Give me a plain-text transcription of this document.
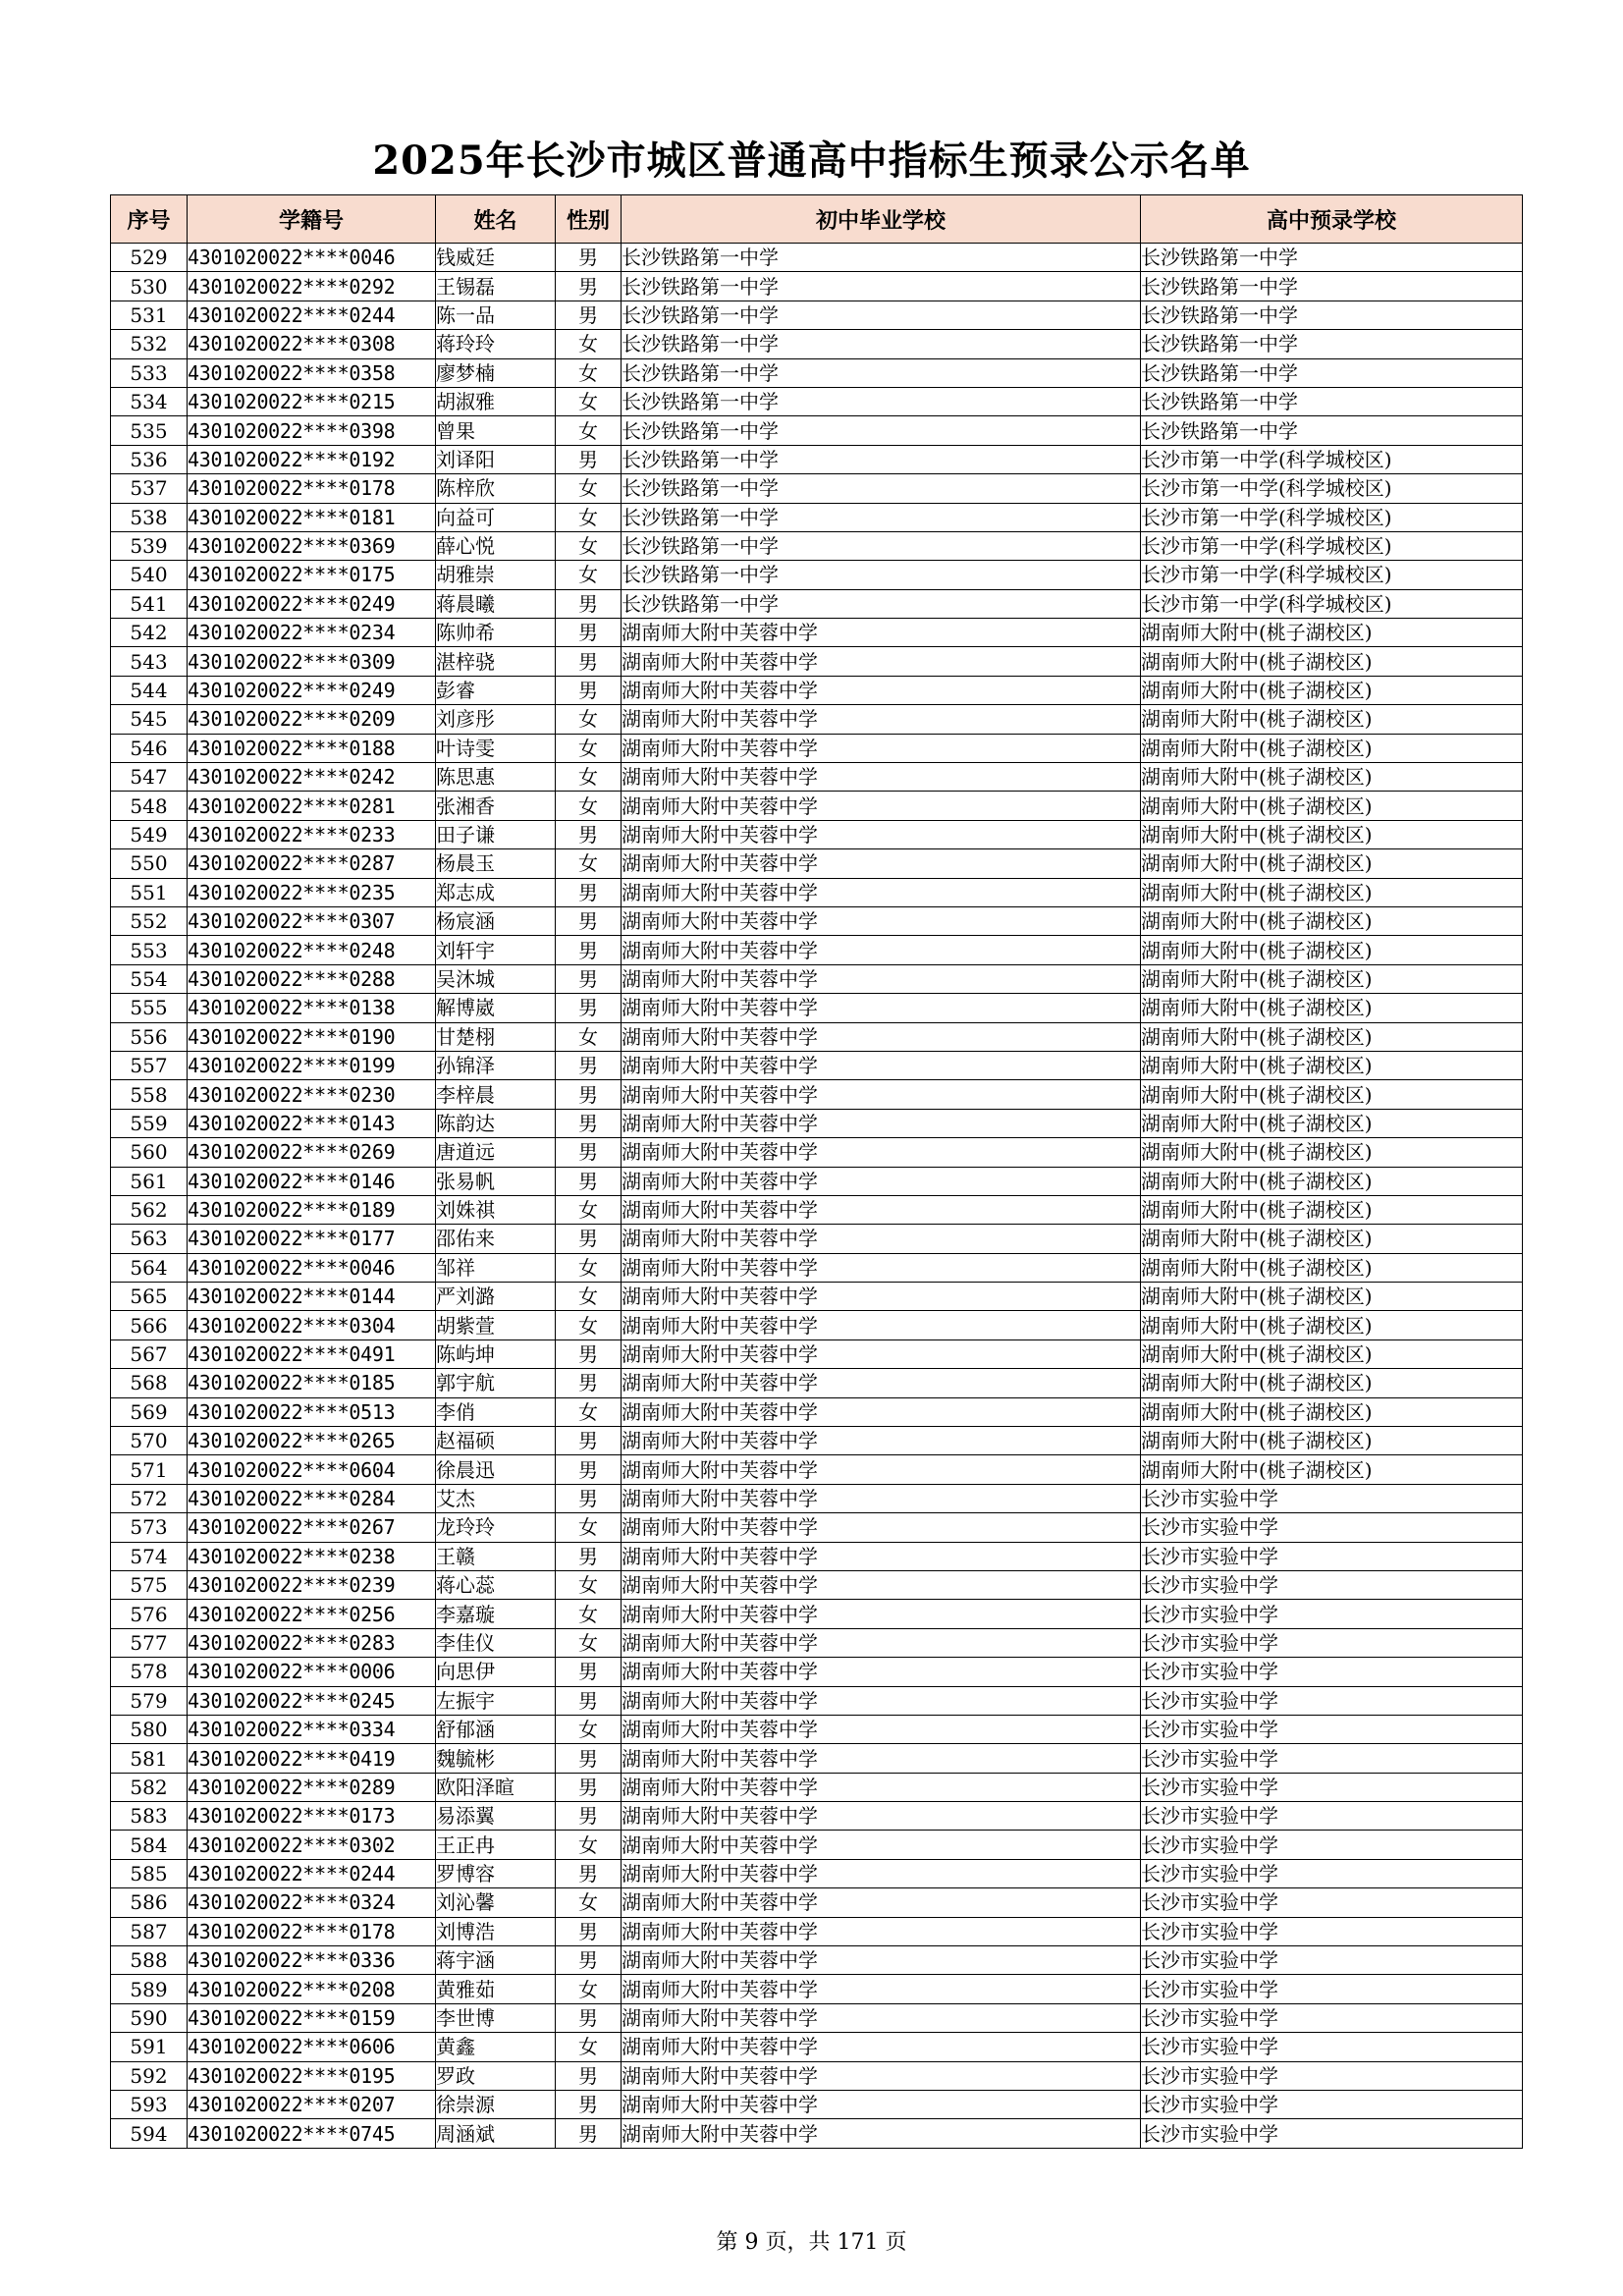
2025年长沙市城区普通高中指标生预录公示名单
序号	学籍号	姓名	性别	初中毕业学校	高中预录学校
529	4301020022****0046	钱威廷	男	长沙铁路第一中学	长沙铁路第一中学
530	4301020022****0292	王锡磊	男	长沙铁路第一中学	长沙铁路第一中学
531	4301020022****0244	陈一品	男	长沙铁路第一中学	长沙铁路第一中学
532	4301020022****0308	蒋玲玲	女	长沙铁路第一中学	长沙铁路第一中学
533	4301020022****0358	廖梦楠	女	长沙铁路第一中学	长沙铁路第一中学
534	4301020022****0215	胡淑雅	女	长沙铁路第一中学	长沙铁路第一中学
535	4301020022****0398	曾果	女	长沙铁路第一中学	长沙铁路第一中学
536	4301020022****0192	刘译阳	男	长沙铁路第一中学	长沙市第一中学(科学城校区)
537	4301020022****0178	陈梓欣	女	长沙铁路第一中学	长沙市第一中学(科学城校区)
538	4301020022****0181	向益可	女	长沙铁路第一中学	长沙市第一中学(科学城校区)
539	4301020022****0369	薛心悦	女	长沙铁路第一中学	长沙市第一中学(科学城校区)
540	4301020022****0175	胡雅崇	女	长沙铁路第一中学	长沙市第一中学(科学城校区)
541	4301020022****0249	蒋晨曦	男	长沙铁路第一中学	长沙市第一中学(科学城校区)
542	4301020022****0234	陈帅希	男	湖南师大附中芙蓉中学	湖南师大附中(桃子湖校区)
543	4301020022****0309	湛梓骁	男	湖南师大附中芙蓉中学	湖南师大附中(桃子湖校区)
544	4301020022****0249	彭睿	男	湖南师大附中芙蓉中学	湖南师大附中(桃子湖校区)
545	4301020022****0209	刘彦彤	女	湖南师大附中芙蓉中学	湖南师大附中(桃子湖校区)
546	4301020022****0188	叶诗雯	女	湖南师大附中芙蓉中学	湖南师大附中(桃子湖校区)
547	4301020022****0242	陈思惠	女	湖南师大附中芙蓉中学	湖南师大附中(桃子湖校区)
548	4301020022****0281	张湘香	女	湖南师大附中芙蓉中学	湖南师大附中(桃子湖校区)
549	4301020022****0233	田子谦	男	湖南师大附中芙蓉中学	湖南师大附中(桃子湖校区)
550	4301020022****0287	杨晨玉	女	湖南师大附中芙蓉中学	湖南师大附中(桃子湖校区)
551	4301020022****0235	郑志成	男	湖南师大附中芙蓉中学	湖南师大附中(桃子湖校区)
552	4301020022****0307	杨宸涵	男	湖南师大附中芙蓉中学	湖南师大附中(桃子湖校区)
553	4301020022****0248	刘轩宇	男	湖南师大附中芙蓉中学	湖南师大附中(桃子湖校区)
554	4301020022****0288	吴沐城	男	湖南师大附中芙蓉中学	湖南师大附中(桃子湖校区)
555	4301020022****0138	解博崴	男	湖南师大附中芙蓉中学	湖南师大附中(桃子湖校区)
556	4301020022****0190	甘楚栩	女	湖南师大附中芙蓉中学	湖南师大附中(桃子湖校区)
557	4301020022****0199	孙锦泽	男	湖南师大附中芙蓉中学	湖南师大附中(桃子湖校区)
558	4301020022****0230	李梓晨	男	湖南师大附中芙蓉中学	湖南师大附中(桃子湖校区)
559	4301020022****0143	陈韵达	男	湖南师大附中芙蓉中学	湖南师大附中(桃子湖校区)
560	4301020022****0269	唐道远	男	湖南师大附中芙蓉中学	湖南师大附中(桃子湖校区)
561	4301020022****0146	张易帆	男	湖南师大附中芙蓉中学	湖南师大附中(桃子湖校区)
562	4301020022****0189	刘姝祺	女	湖南师大附中芙蓉中学	湖南师大附中(桃子湖校区)
563	4301020022****0177	邵佑来	男	湖南师大附中芙蓉中学	湖南师大附中(桃子湖校区)
564	4301020022****0046	邹祥	女	湖南师大附中芙蓉中学	湖南师大附中(桃子湖校区)
565	4301020022****0144	严刘潞	女	湖南师大附中芙蓉中学	湖南师大附中(桃子湖校区)
566	4301020022****0304	胡紫萱	女	湖南师大附中芙蓉中学	湖南师大附中(桃子湖校区)
567	4301020022****0491	陈屿坤	男	湖南师大附中芙蓉中学	湖南师大附中(桃子湖校区)
568	4301020022****0185	郭宇航	男	湖南师大附中芙蓉中学	湖南师大附中(桃子湖校区)
569	4301020022****0513	李俏	女	湖南师大附中芙蓉中学	湖南师大附中(桃子湖校区)
570	4301020022****0265	赵福硕	男	湖南师大附中芙蓉中学	湖南师大附中(桃子湖校区)
571	4301020022****0604	徐晨迅	男	湖南师大附中芙蓉中学	湖南师大附中(桃子湖校区)
572	4301020022****0284	艾杰	男	湖南师大附中芙蓉中学	长沙市实验中学
573	4301020022****0267	龙玲玲	女	湖南师大附中芙蓉中学	长沙市实验中学
574	4301020022****0238	王赣	男	湖南师大附中芙蓉中学	长沙市实验中学
575	4301020022****0239	蒋心蕊	女	湖南师大附中芙蓉中学	长沙市实验中学
576	4301020022****0256	李嘉璇	女	湖南师大附中芙蓉中学	长沙市实验中学
577	4301020022****0283	李佳仪	女	湖南师大附中芙蓉中学	长沙市实验中学
578	4301020022****0006	向思伊	男	湖南师大附中芙蓉中学	长沙市实验中学
579	4301020022****0245	左振宇	男	湖南师大附中芙蓉中学	长沙市实验中学
580	4301020022****0334	舒郁涵	女	湖南师大附中芙蓉中学	长沙市实验中学
581	4301020022****0419	魏毓彬	男	湖南师大附中芙蓉中学	长沙市实验中学
582	4301020022****0289	欧阳泽暄	男	湖南师大附中芙蓉中学	长沙市实验中学
583	4301020022****0173	易添翼	男	湖南师大附中芙蓉中学	长沙市实验中学
584	4301020022****0302	王正冉	女	湖南师大附中芙蓉中学	长沙市实验中学
585	4301020022****0244	罗博容	男	湖南师大附中芙蓉中学	长沙市实验中学
586	4301020022****0324	刘沁馨	女	湖南师大附中芙蓉中学	长沙市实验中学
587	4301020022****0178	刘博浩	男	湖南师大附中芙蓉中学	长沙市实验中学
588	4301020022****0336	蒋宇涵	男	湖南师大附中芙蓉中学	长沙市实验中学
589	4301020022****0208	黄雅茹	女	湖南师大附中芙蓉中学	长沙市实验中学
590	4301020022****0159	李世博	男	湖南师大附中芙蓉中学	长沙市实验中学
591	4301020022****0606	黄鑫	女	湖南师大附中芙蓉中学	长沙市实验中学
592	4301020022****0195	罗政	男	湖南师大附中芙蓉中学	长沙市实验中学
593	4301020022****0207	徐崇源	男	湖南师大附中芙蓉中学	长沙市实验中学
594	4301020022****0745	周涵斌	男	湖南师大附中芙蓉中学	长沙市实验中学
第 9 页，共 171 页
